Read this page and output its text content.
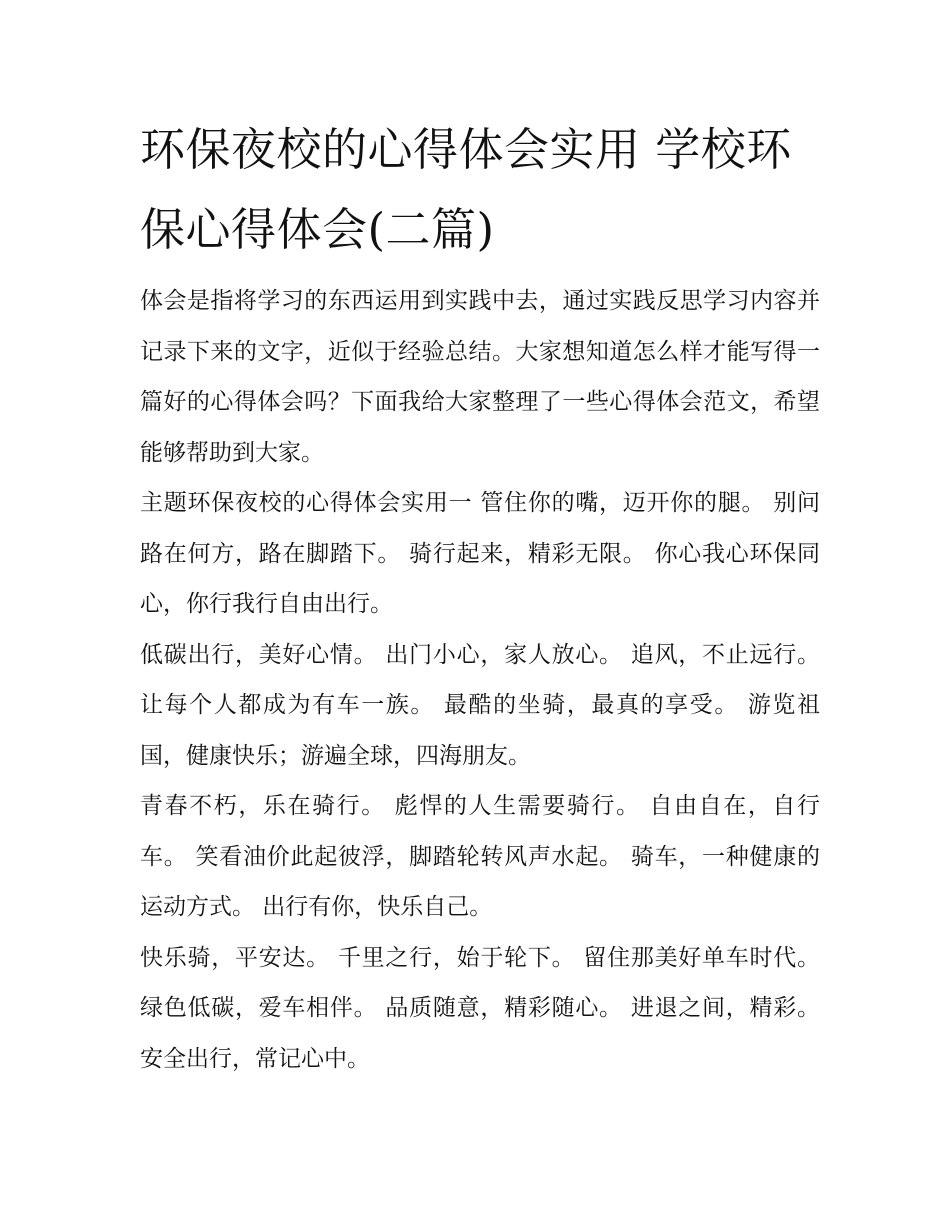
环保夜校的心得体会实用 学校环保心得体会(二篇)

体会是指将学习的东西运用到实践中去，通过实践反思学习内容并记录下来的文字，近似于经验总结。大家想知道怎么样才能写得一篇好的心得体会吗？下面我给大家整理了一些心得体会范文，希望能够帮助到大家。

主题环保夜校的心得体会实用一 管住你的嘴，迈开你的腿。 别问路在何方，路在脚踏下。 骑行起来，精彩无限。 你心我心环保同心，你行我行自由出行。

低碳出行，美好心情。 出门小心，家人放心。 追风，不止远行。 让每个人都成为有车一族。 最酷的坐骑，最真的享受。 游览祖国，健康快乐；游遍全球，四海朋友。

青春不朽，乐在骑行。 彪悍的人生需要骑行。 自由自在，自行车。 笑看油价此起彼浮，脚踏轮转风声水起。 骑车，一种健康的运动方式。 出行有你，快乐自己。

快乐骑，平安达。 千里之行，始于轮下。 留住那美好单车时代。 绿色低碳，爱车相伴。 品质随意，精彩随心。 进退之间，精彩。 安全出行，常记心中。
